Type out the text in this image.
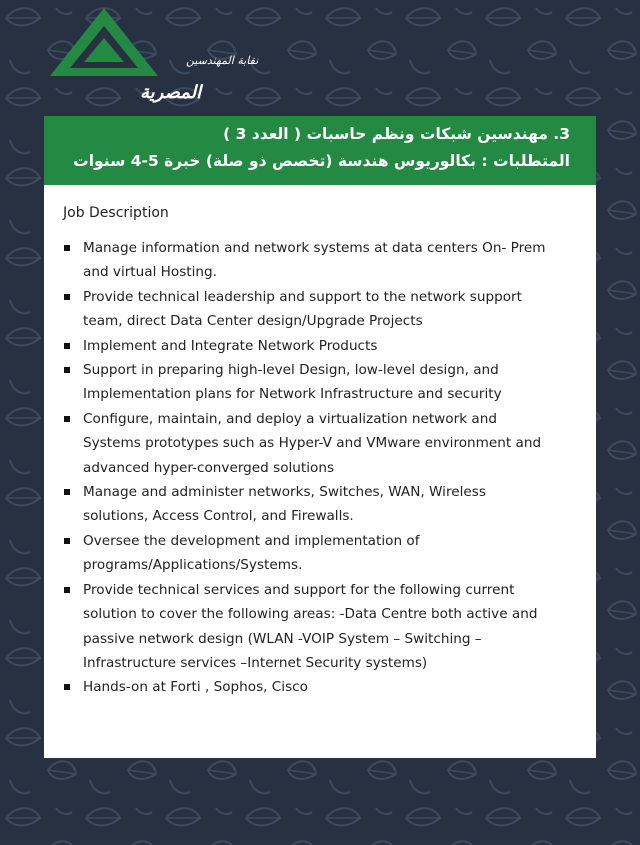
نقابة المهندسين
المصرية
3. مهندسين شبكات ونظم حاسبات ( العدد 3 )
المتطلبات : بكالوريوس هندسة (تخصص ذو صلة) خبرة 5-4 سنوات
Job Description
Manage information and network systems at data centers On- Prem
and virtual Hosting.
Provide technical leadership and support to the network support
team, direct Data Center design/Upgrade Projects
Implement and Integrate Network Products
Support in preparing high-level Design, low-level design, and
Implementation plans for Network Infrastructure and security
Configure, maintain, and deploy a virtualization network and
Systems prototypes such as Hyper-V and VMware environment and
advanced hyper-converged solutions
Manage and administer networks, Switches, WAN, Wireless
solutions, Access Control, and Firewalls.
Oversee the development and implementation of
programs/Applications/Systems.
Provide technical services and support for the following current
solution to cover the following areas: -Data Centre both active and
passive network design (WLAN -VOIP System – Switching –
Infrastructure services –Internet Security systems)
Hands-on at Forti , Sophos, Cisco
